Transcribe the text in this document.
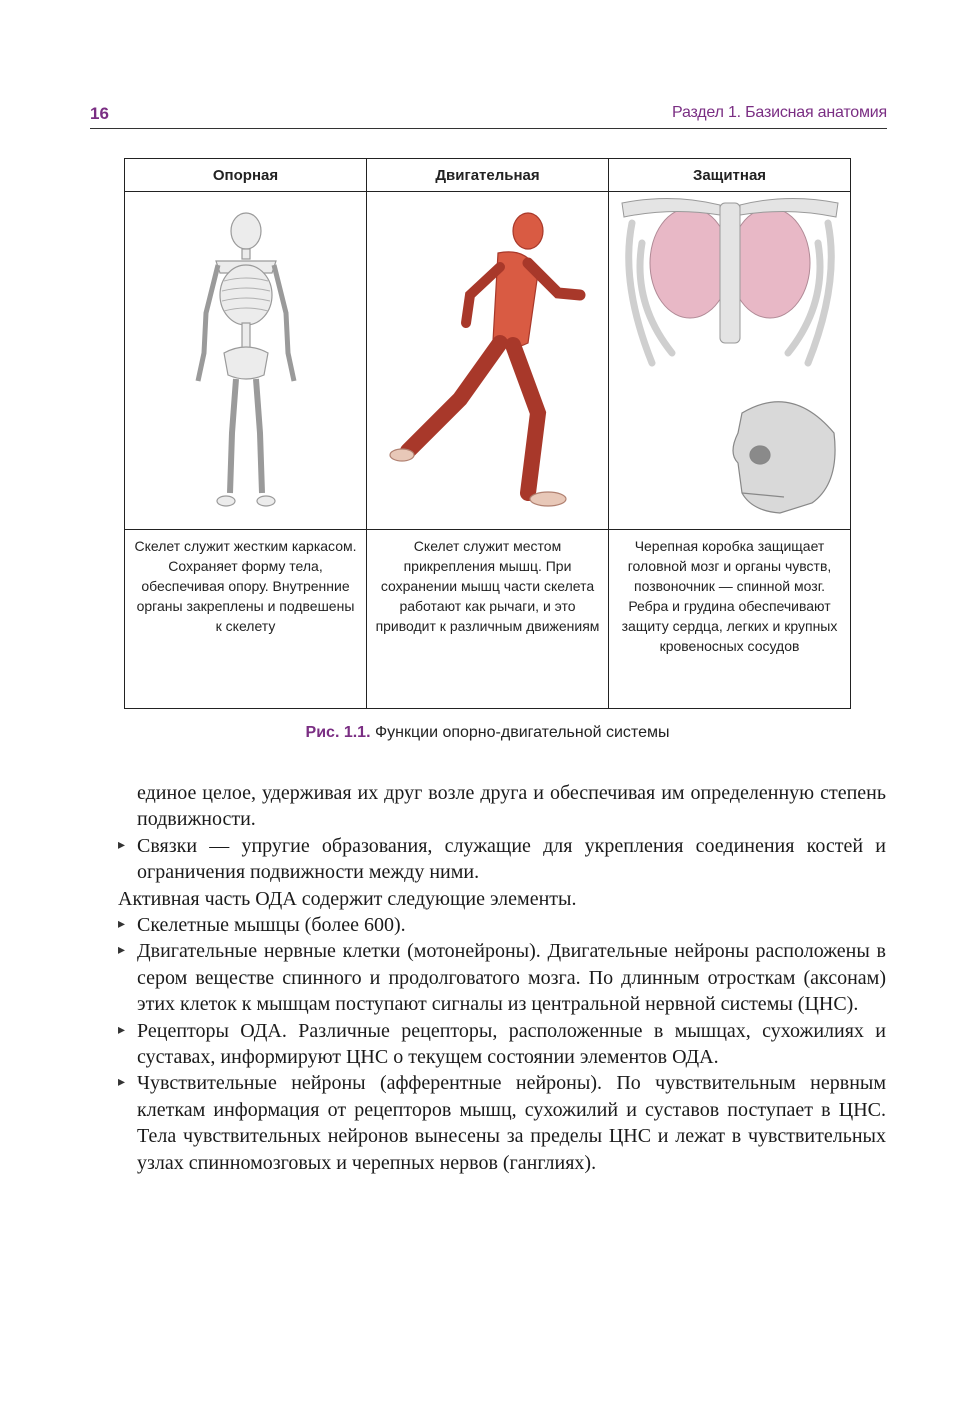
16	Раздел 1. Базисная анатомия
Опорная	Двигательная	Защитная

Скелет служит жестким каркасом. Сохраняет форму тела, обеспечивая опору. Внутренние органы закреплены и подвешены к скелету	Скелет служит местом прикрепления мышц. При сохранении мышц части скелета работают как рычаги, и это приводит к различным движениям	Черепная коробка защищает головной мозг и органы чувств, позвоночник — спинной мозг. Ребра и грудина обеспечивают защиту сердца, легких и крупных кровеносных сосудов
Рис. 1.1. Функции опорно-двигательной системы

единое целое, удерживая их друг возле друга и обеспечивая им определенную степень подвижности.

▸ Связки — упругие образования, служащие для укрепления соединения костей и ограничения подвижности между ними.

Активная часть ОДА содержит следующие элементы.

▸ Скелетные мышцы (более 600).

▸ Двигательные нервные клетки (мотонейроны). Двигательные нейроны расположены в сером веществе спинного и продолговатого мозга. По длинным отросткам (аксонам) этих клеток к мышцам поступают сигналы из центральной нервной системы (ЦНС).

▸ Рецепторы ОДА. Различные рецепторы, расположенные в мышцах, сухожилиях и суставах, информируют ЦНС о текущем состоянии элементов ОДА.

▸ Чувствительные нейроны (афферентные нейроны). По чувствительным нервным клеткам информация от рецепторов мышц, сухожилий и суставов поступает в ЦНС. Тела чувствительных нейронов вынесены за пределы ЦНС и лежат в чувствительных узлах спинномозговых и черепных нервов (ганглиях).
